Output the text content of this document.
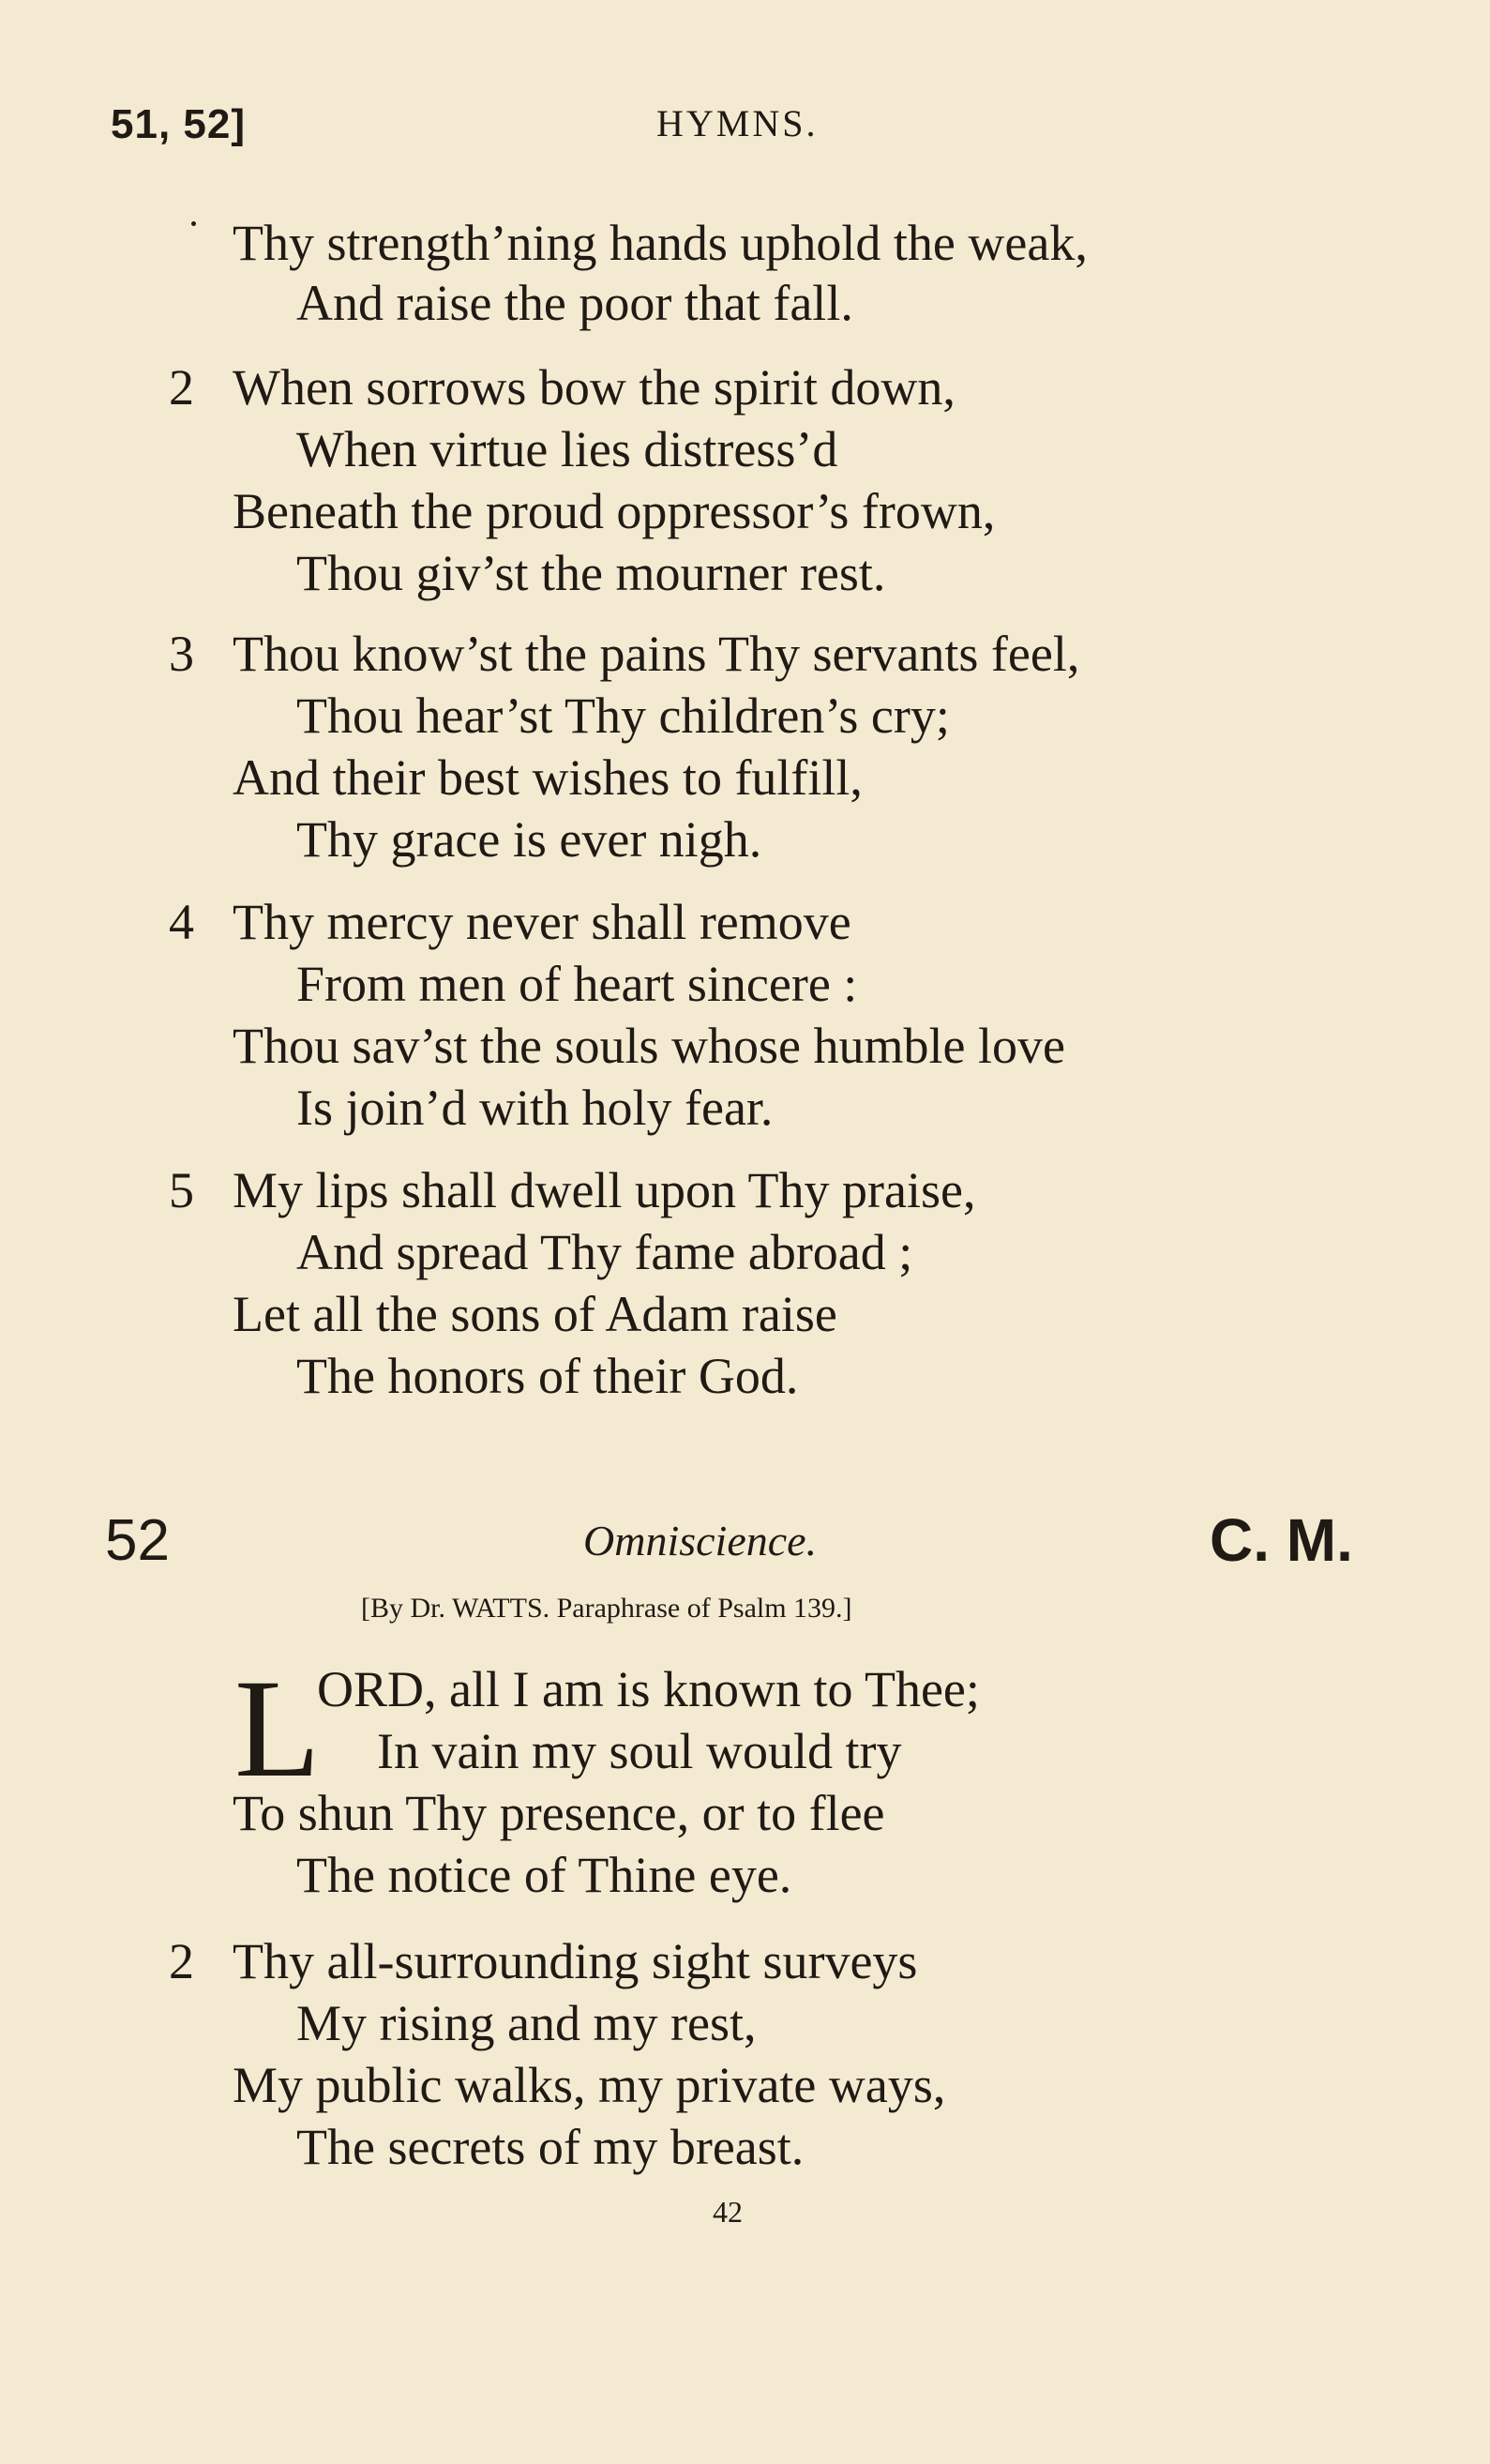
51, 52]	HYMNS.
Thy strength’ning hands uphold the weak,
And raise the poor that fall.
2 When sorrows bow the spirit down,
When virtue lies distress’d
Beneath the proud oppressor’s frown,
Thou giv’st the mourner rest.
3 Thou know’st the pains Thy servants feel,
Thou hear’st Thy children’s cry;
And their best wishes to fulfill,
Thy grace is ever nigh.
4 Thy mercy never shall remove
From men of heart sincere :
Thou sav’st the souls whose humble love
Is join’d with holy fear.
5 My lips shall dwell upon Thy praise,
And spread Thy fame abroad ;
Let all the sons of Adam raise
The honors of their God.
52	Omniscience.	C. M.
[By Dr. WATTS. Paraphrase of Psalm 139.]
L
ORD, all I am is known to Thee;
In vain my soul would try
To shun Thy presence, or to flee
The notice of Thine eye.
2 Thy all-surrounding sight surveys
My rising and my rest,
My public walks, my private ways,
The secrets of my breast.
42
